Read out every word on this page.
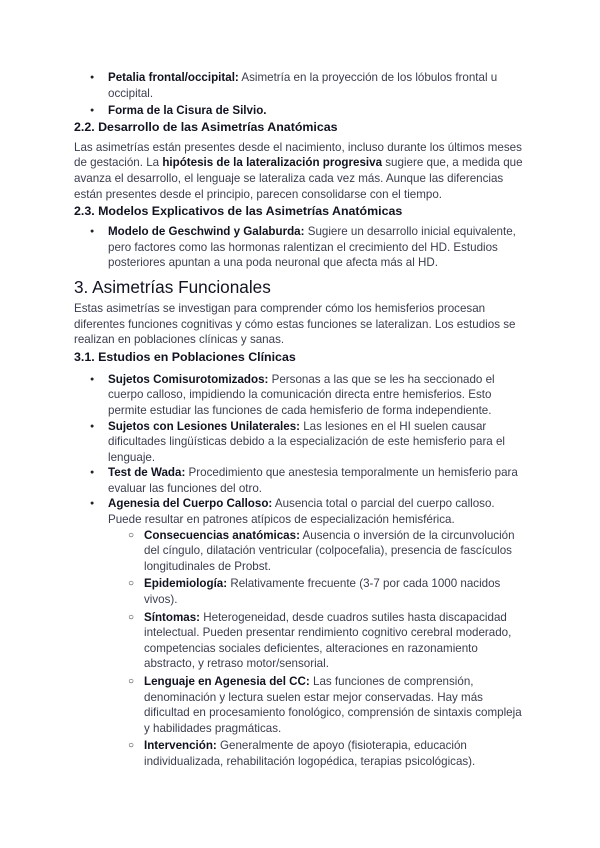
● Petalia frontal/occipital: Asimetría en la proyección de los lóbulos frontal u occipital.
● Forma de la Cisura de Silvio.
2.2. Desarrollo de las Asimetrías Anatómicas

Las asimetrías están presentes desde el nacimiento, incluso durante los últimos meses de gestación. La hipótesis de la lateralización progresiva sugiere que, a medida que avanza el desarrollo, el lenguaje se lateraliza cada vez más. Aunque las diferencias están presentes desde el principio, parecen consolidarse con el tiempo.

2.3. Modelos Explicativos de las Asimetrías Anatómicas
● Modelo de Geschwind y Galaburda: Sugiere un desarrollo inicial equivalente, pero factores como las hormonas ralentizan el crecimiento del HD. Estudios posteriores apuntan a una poda neuronal que afecta más al HD.
3. Asimetrías Funcionales

Estas asimetrías se investigan para comprender cómo los hemisferios procesan diferentes funciones cognitivas y cómo estas funciones se lateralizan. Los estudios se realizan en poblaciones clínicas y sanas.

3.1. Estudios en Poblaciones Clínicas
● Sujetos Comisurotomizados: Personas a las que se les ha seccionado el cuerpo calloso, impidiendo la comunicación directa entre hemisferios. Esto permite estudiar las funciones de cada hemisferio de forma independiente.
● Sujetos con Lesiones Unilaterales: Las lesiones en el HI suelen causar dificultades lingüísticas debido a la especialización de este hemisferio para el lenguaje.
● Test de Wada: Procedimiento que anestesia temporalmente un hemisferio para evaluar las funciones del otro.
● Agenesia del Cuerpo Calloso: Ausencia total o parcial del cuerpo calloso. Puede resultar en patrones atípicos de especialización hemisférica.
○ Consecuencias anatómicas: Ausencia o inversión de la circunvolución del cíngulo, dilatación ventricular (colpocefalia), presencia de fascículos longitudinales de Probst.
○ Epidemiología: Relativamente frecuente (3-7 por cada 1000 nacidos vivos).
○ Síntomas: Heterogeneidad, desde cuadros sutiles hasta discapacidad intelectual. Pueden presentar rendimiento cognitivo cerebral moderado, competencias sociales deficientes, alteraciones en razonamiento abstracto, y retraso motor/sensorial.
○ Lenguaje en Agenesia del CC: Las funciones de comprensión, denominación y lectura suelen estar mejor conservadas. Hay más dificultad en procesamiento fonológico, comprensión de sintaxis compleja y habilidades pragmáticas.
○ Intervención: Generalmente de apoyo (fisioterapia, educación individualizada, rehabilitación logopédica, terapias psicológicas).
